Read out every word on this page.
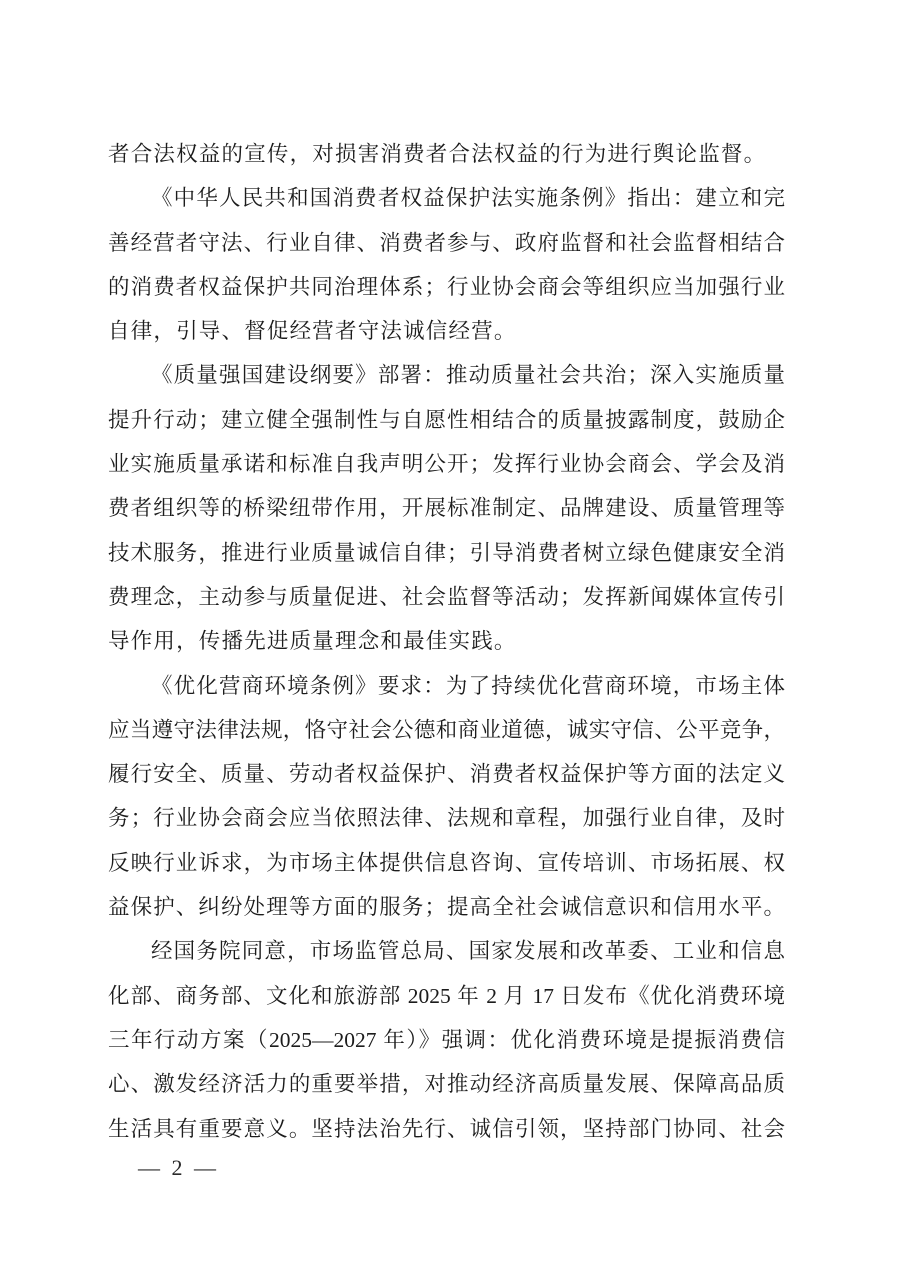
者合法权益的宣传，对损害消费者合法权益的行为进行舆论监督。
《中华人民共和国消费者权益保护法实施条例》指出：建立和完
善经营者守法、行业自律、消费者参与、政府监督和社会监督相结合
的消费者权益保护共同治理体系；行业协会商会等组织应当加强行业
自律，引导、督促经营者守法诚信经营。
《质量强国建设纲要》部署：推动质量社会共治；深入实施质量
提升行动；建立健全强制性与自愿性相结合的质量披露制度，鼓励企
业实施质量承诺和标准自我声明公开；发挥行业协会商会、学会及消
费者组织等的桥梁纽带作用，开展标准制定、品牌建设、质量管理等
技术服务，推进行业质量诚信自律；引导消费者树立绿色健康安全消
费理念，主动参与质量促进、社会监督等活动；发挥新闻媒体宣传引
导作用，传播先进质量理念和最佳实践。
《优化营商环境条例》要求：为了持续优化营商环境，市场主体
应当遵守法律法规，恪守社会公德和商业道德，诚实守信、公平竞争，
履行安全、质量、劳动者权益保护、消费者权益保护等方面的法定义
务；行业协会商会应当依照法律、法规和章程，加强行业自律，及时
反映行业诉求，为市场主体提供信息咨询、宣传培训、市场拓展、权
益保护、纠纷处理等方面的服务；提高全社会诚信意识和信用水平。
经国务院同意，市场监管总局、国家发展和改革委、工业和信息
化部、商务部、文化和旅游部 2025 年 2 月 17 日发布《优化消费环境
三年行动方案（2025—2027 年）》强调：优化消费环境是提振消费信
心、激发经济活力的重要举措，对推动经济高质量发展、保障高品质
生活具有重要意义。坚持法治先行、诚信引领，坚持部门协同、社会
— 2 —
